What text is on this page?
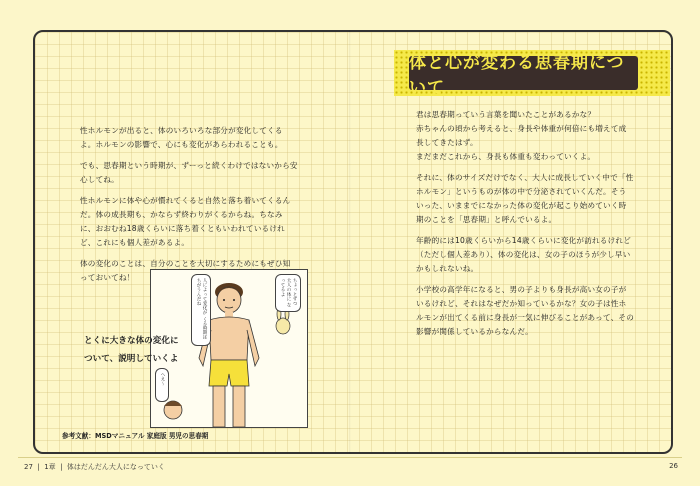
体と心が変わる思春期について

性ホルモンが出ると、体のいろいろな部分が変化してくるよ。ホルモンの影響で、心にも変化があらわれることも。

でも、思春期という時期が、ずーっと続くわけではないから安心してね。

性ホルモンに体や心が慣れてくると自然と落ち着いてくるんだ。体の成長期も、かならず終わりがくるからね。ちなみに、おおむね18歳くらいに落ち着くともいわれているけれど、これにも個人差があるよ。

体の変化のことは、自分のことを大切にするためにもぜひ知っておいてね！

君は思春期っていう言葉を聞いたことがあるかな？
赤ちゃんの頃から考えると、身長や体重が何倍にも増えて成長してきたはず。
まだまだこれから、身長も体重も変わっていくよ。

それに、体のサイズだけでなく、大人に成長していく中で「性ホルモン」というものが体の中で分泌されていくんだ。そういった、いままでになかった体の変化が起こり始めていく時期のことを「思春期」と呼んでいるよ。

年齢的には10歳くらいから14歳くらいに変化が訪れるけれど（ただし個人差あり）、体の変化は、女の子のほうが少し早いかもしれないね。

小学校の高学年になると、男の子よりも身長が高い女の子がいるけれど、それはなぜだか知っているかな？女の子は性ホルモンが出てくる前に身長が一気に伸びることがあって、その影響が関係しているからなんだ。

人によって変化が くる時期は ちがうんだね	ちょっとずつ 大人の体に なってるよ
へえ〜
とくに大きな体の変化について、説明していくよ
参考文献：MSDマニュアル 家庭版 男児の思春期
27  |  1章  |  体はだんだん大人になっていく	26
